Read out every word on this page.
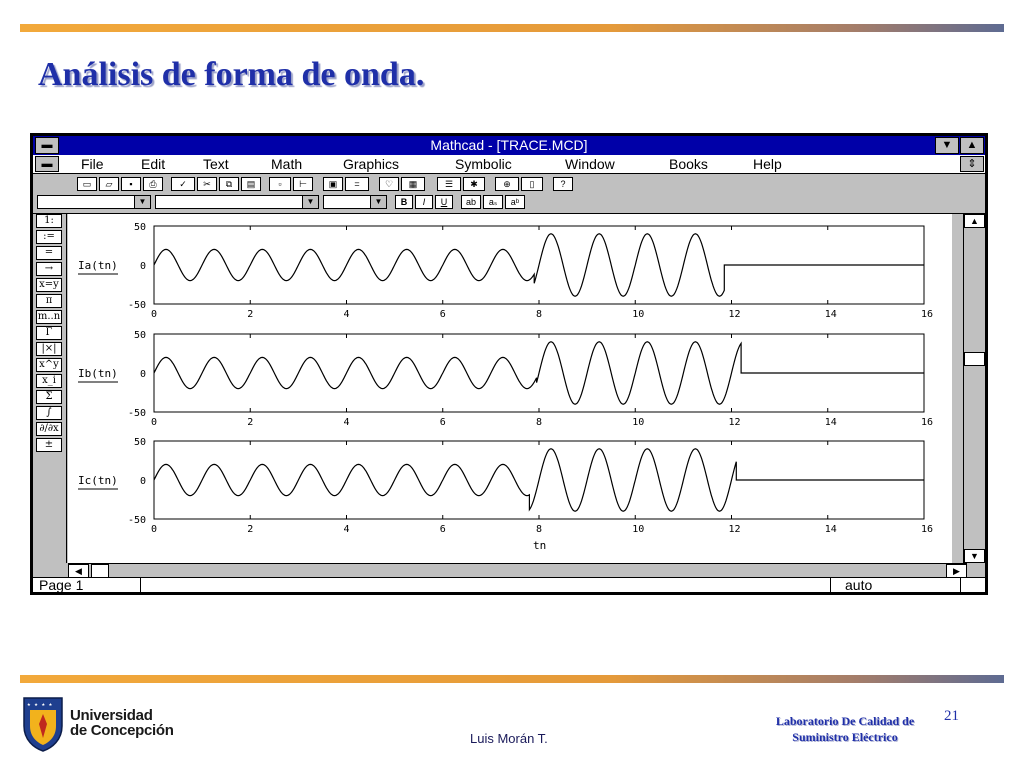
Análisis de forma de onda.
▬	Mathcad - [TRACE.MCD]	▼	▲
▬	File	Edit	Text	Math	Graphics	Symbolic	Window	Books	Help	⇕
▭	▱	▪	⎙	✓	✂	⧉	▤	▫	⊢	▣	=	♡	▦	☰	✱	⊕	▯	?
▼	▼	▼	B	I	U	ab	aₛ	aᵇ
1:
:=
=
→
x=y
π
m..n
Γ
|×|
x^y
x_i
Σ
∫
∂/∂x
±
0	2	4	6	8	10	12	14	16
50
0
-50
Ia(tn)
0	2	4	6	8	10	12	14	16
50
0
-50
Ib(tn)
0	2	4	6	8	10	12	14	16
50
0
-50
Ic(tn)
tn
▲
▼
◀	▶
Page 1	auto
★ ★ ★ ★
Universidad
de Concepción	Luis Morán T.
Laboratorio De Calidad de
Suministro Eléctrico
21
